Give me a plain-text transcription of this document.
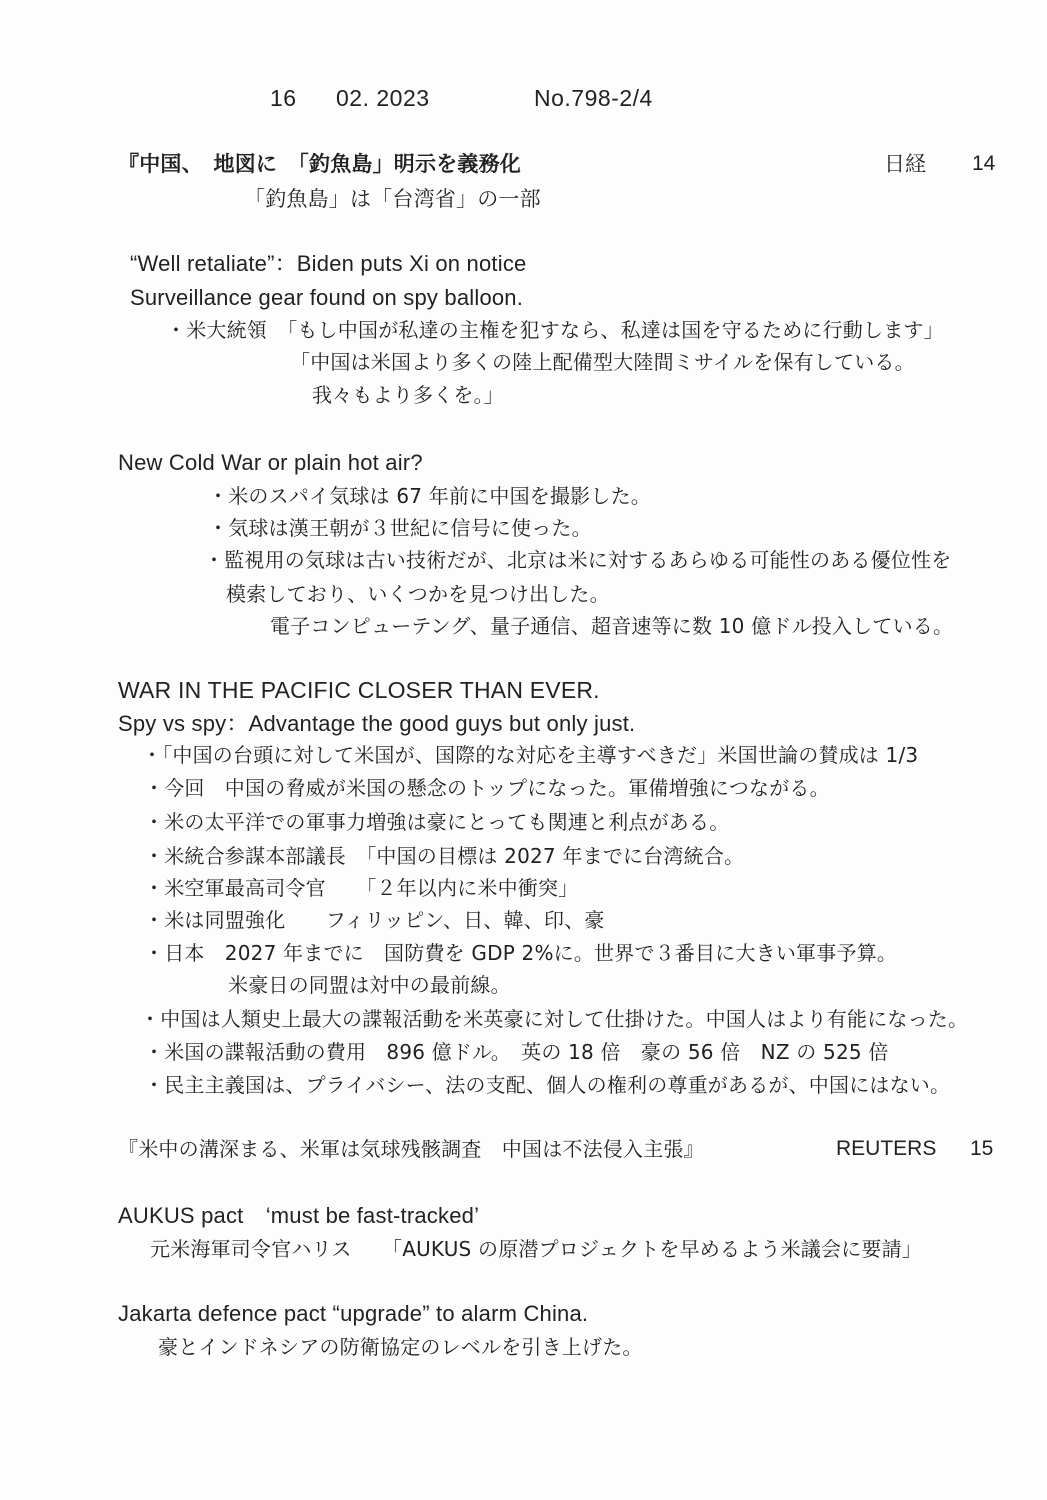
16 02. 2023	No.798-2/4
『中国、　地図に　「釣魚島」明示を義務化	日経 14
「釣魚島」は「台湾省」の一部
“Well retaliate”：Biden puts Xi on notice
Surveillance gear found on spy balloon.
・米大統領　「もし中国が私達の主権を犯すなら、私達は国を守るために行動します」
「中国は米国より多くの陸上配備型大陸間ミサイルを保有している。
我々もより多くを。」
New Cold War or plain hot air?
・米のスパイ気球は 67 年前に中国を撮影した。
・気球は漢王朝が３世紀に信号に使った。
・監視用の気球は古い技術だが、北京は米に対するあらゆる可能性のある優位性を
模索しており、いくつかを見つけ出した。
電子コンピューテング、量子通信、超音速等に数 10 億ドル投入している。
WAR IN THE PACIFIC CLOSER THAN EVER.
Spy vs spy：Advantage the good guys but only just.
・「中国の台頭に対して米国が、国際的な対応を主導すべきだ」米国世論の賛成は 1/3
・今回　中国の脅威が米国の懸念のトップになった。軍備増強につながる。
・米の太平洋での軍事力増強は豪にとっても関連と利点がある。
・米統合参謀本部議長　「中国の目標は 2027 年までに台湾統合。
・米空軍最高司令官　　「２年以内に米中衝突」
・米は同盟強化　　フィリッピン、日、韓、印、豪
・日本　2027 年までに　国防費を GDP 2%に。世界で３番目に大きい軍事予算。
米豪日の同盟は対中の最前線。
・中国は人類史上最大の諜報活動を米英豪に対して仕掛けた。中国人はより有能になった。
・米国の諜報活動の費用　896 億ドル。　英の 18 倍　豪の 56 倍　NZ の 525 倍
・民主主義国は、プライバシー、法の支配、個人の権利の尊重があるが、中国にはない。
『米中の溝深まる、米軍は気球残骸調査　中国は不法侵入主張』	REUTERS 15
AUKUS pact　‘must be fast-tracked’
元米海軍司令官ハリス　　「AUKUS の原潜プロジェクトを早めるよう米議会に要請」
Jakarta defence pact “upgrade” to alarm China.
豪とインドネシアの防衛協定のレベルを引き上げた。
